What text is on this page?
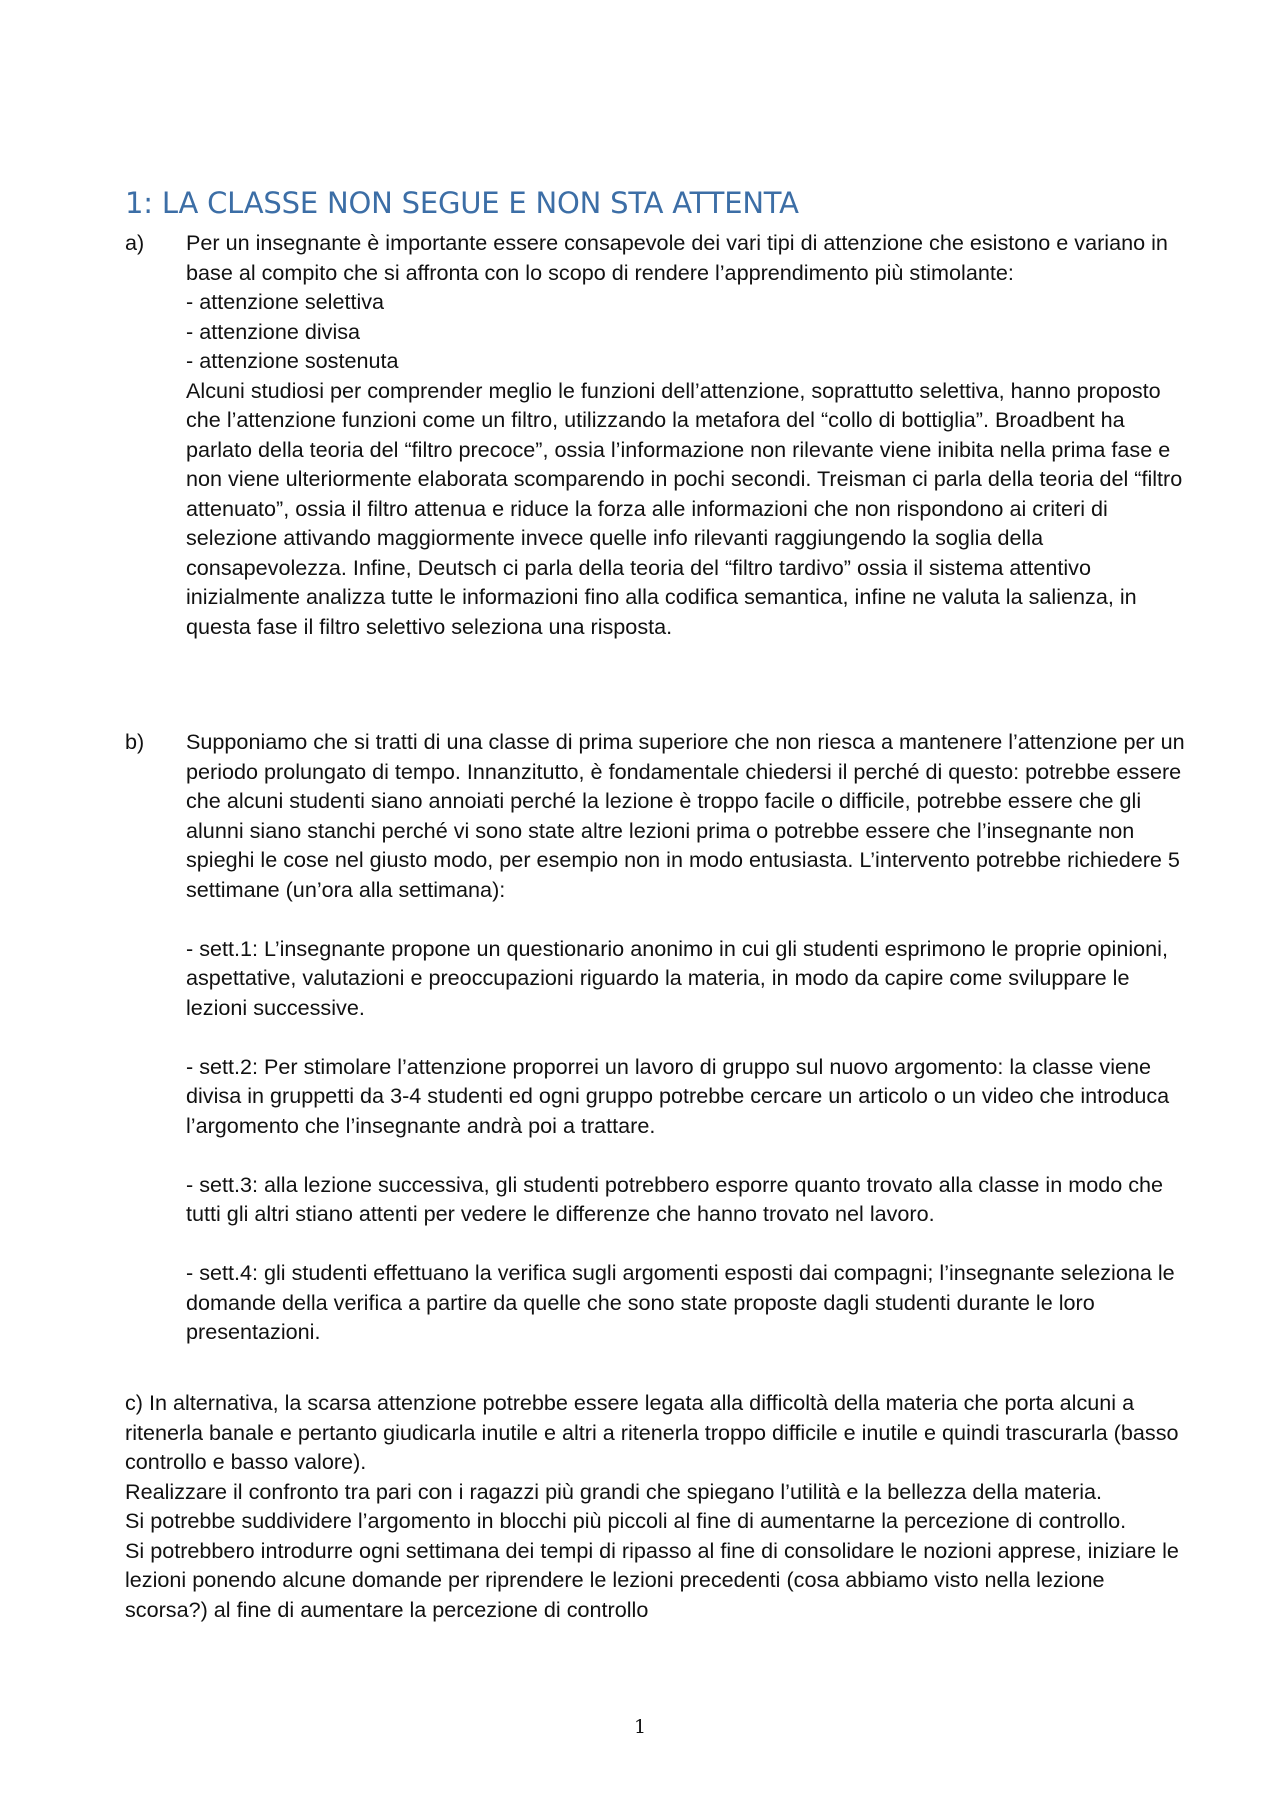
1: LA CLASSE NON SEGUE E NON STA ATTENTA
a) Per un insegnante è importante essere consapevole dei vari tipi di attenzione che esistono e variano in base al compito che si affronta con lo scopo di rendere l’apprendimento più stimolante:

- attenzione selettiva

- attenzione divisa

- attenzione sostenuta

Alcuni studiosi per comprender meglio le funzioni dell’attenzione, soprattutto selettiva, hanno proposto che l’attenzione funzioni come un filtro, utilizzando la metafora del “collo di bottiglia”. Broadbent ha parlato della teoria del “filtro precoce”, ossia l’informazione non rilevante viene inibita nella prima fase e non viene ulteriormente elaborata scomparendo in pochi secondi. Treisman ci parla della teoria del “filtro attenuato”, ossia il filtro attenua e riduce la forza alle informazioni che non rispondono ai criteri di selezione attivando maggiormente invece quelle info rilevanti raggiungendo la soglia della consapevolezza. Infine, Deutsch ci parla della teoria del “filtro tardivo” ossia il sistema attentivo inizialmente analizza tutte le informazioni fino alla codifica semantica, infine ne valuta la salienza, in questa fase il filtro selettivo seleziona una risposta.

b) Supponiamo che si tratti di una classe di prima superiore che non riesca a mantenere l’attenzione per un periodo prolungato di tempo. Innanzitutto, è fondamentale chiedersi il perché di questo: potrebbe essere che alcuni studenti siano annoiati perché la lezione è troppo facile o difficile, potrebbe essere che gli alunni siano stanchi perché vi sono state altre lezioni prima o potrebbe essere che l’insegnante non spieghi le cose nel giusto modo, per esempio non in modo entusiasta. L’intervento potrebbe richiedere 5 settimane (un’ora alla settimana):

- sett.1: L’insegnante propone un questionario anonimo in cui gli studenti esprimono le proprie opinioni, aspettative, valutazioni e preoccupazioni riguardo la materia, in modo da capire come sviluppare le lezioni successive.

- sett.2: Per stimolare l’attenzione proporrei un lavoro di gruppo sul nuovo argomento: la classe viene divisa in gruppetti da 3-4 studenti ed ogni gruppo potrebbe cercare un articolo o un video che introduca l’argomento che l’insegnante andrà poi a trattare.

- sett.3: alla lezione successiva, gli studenti potrebbero esporre quanto trovato alla classe in modo che tutti gli altri stiano attenti per vedere le differenze che hanno trovato nel lavoro.

- sett.4: gli studenti effettuano la verifica sugli argomenti esposti dai compagni; l’insegnante seleziona le domande della verifica a partire da quelle che sono state proposte dagli studenti durante le loro presentazioni.

c) In alternativa, la scarsa attenzione potrebbe essere legata alla difficoltà della materia che porta alcuni a ritenerla banale e pertanto giudicarla inutile e altri a ritenerla troppo difficile e inutile e quindi trascurarla (basso controllo e basso valore).

Realizzare il confronto tra pari con i ragazzi più grandi che spiegano l’utilità e la bellezza della materia.

Si potrebbe suddividere l’argomento in blocchi più piccoli al fine di aumentarne la percezione di controllo.

Si potrebbero introdurre ogni settimana dei tempi di ripasso al fine di consolidare le nozioni apprese, iniziare le lezioni ponendo alcune domande per riprendere le lezioni precedenti (cosa abbiamo visto nella lezione scorsa?) al fine di aumentare la percezione di controllo

1
